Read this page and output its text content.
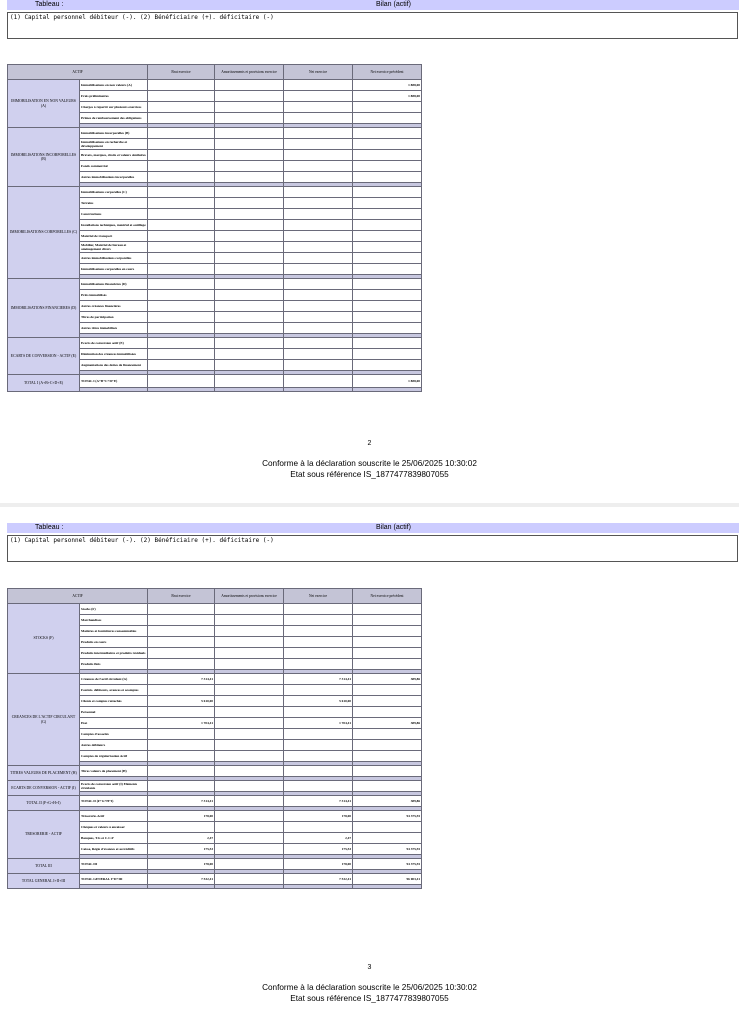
Tableau :	Bilan (actif)
(1) Capital personnel débiteur (-). (2) Bénéficiaire (+). déficitaire (-)
ACTIF		Brut exercice	Amortissements et provisions exercice	Net exercice	Net exercice précédent
IMMOBILISATION EN NON VALEURS (A)	Immobilisations en non valeurs (A)				1 888,00
	Frais préliminaires				1 888,00
	Charges à répartir sur plusieurs exercices				
	Primes de remboursement des obligations				

IMMOBILISATIONS INCORPORELLES (B)	Immobilisations incorporelles (B)				
	Immobilisations en recherche et développement				
	Brevets, marques, droits et valeurs similaires				
	Fonds commercial				
	Autres immobilisations incorporelles				

IMMOBILISATIONS CORPORELLES (C)	Immobilisations corporelles (C)				
	Terrains				
	Constructions				
	Installations techniques, matériel et outillage				
	Matériel de transport				
	Mobilier, Matériel de bureau et aménagement divers				
	Autres immobilisations corporelles				
	Immobilisations corporelles en cours				

IMMOBILISATIONS FINANCIERES (D)	Immobilisations financières (D)				
	Prêts immobilisés				
	Autres créances financières				
	Titres de participation				
	Autres titres immobilisés				

ECARTS DE CONVERSION - ACTIF (E)	Ecarts de conversion actif (E)				
	Diminution des créances immobilisées				
	Augmentations des dettes de financement				

TOTAL I (A+B+C+D+E)	TOTAL I (A+B+C+D+E)				1 888,00

2
Conforme à la déclaration souscrite le 25/06/2025 10:30:02
Etat sous référence IS_1877477839807055
Tableau :	Bilan (actif)
(1) Capital personnel débiteur (-). (2) Bénéficiaire (+). déficitaire (-)
ACTIF		Brut exercice	Amortissements et provisions exercice	Net exercice	Net exercice précédent
STOCKS (F)	Stocks (F)				
	Marchandises				
	Matières et fournitures consommables				
	Produits en cours				
	Produits intermédiaires et produits résiduels				
	Produits finis				

CREANCES DE L'ACTIF CIRCULANT (G)	Créances de l'actif circulant (G)	7 314,41		7 314,41	389,86
	Fournis. débiteurs, avances et acomptes				
	Clients et comptes rattachés	5 610,00		5 610,00	
	Personnel				
	Etat	1 704,41		1 704,41	389,86
	Comptes d'associés				
	Autres débiteurs				
	Comptes de régularisation Actif				

TITRES VALEURS DE PLACEMENT (H)	Titres valeurs de placement (H)				

ECARTS DE CONVERSION - ACTIF (I)	Ecarts de conversion actif (I) Eléments circulants				

TOTAL II (F+G+H+I)	TOTAL II (F+G+H+I)	7 314,41		7 314,41	389,86

TRESORERIE - ACTIF	Trésorerie-Actif	178,00		178,00	94 375,55
	Chèques et valeurs à encaisser				
	Banques, T.G et C.C.P	2,47		2,47	
	Caisse, Régie d'avances et accréditifs	175,53		175,53	94 375,55

TOTAL III	TOTAL III	178,00		178,00	94 375,55

TOTAL GENERAL I+II+III	TOTAL GENERAL I+II+III	7 532,41		7 532,41	96 003,41

3
Conforme à la déclaration souscrite le 25/06/2025 10:30:02
Etat sous référence IS_1877477839807055
